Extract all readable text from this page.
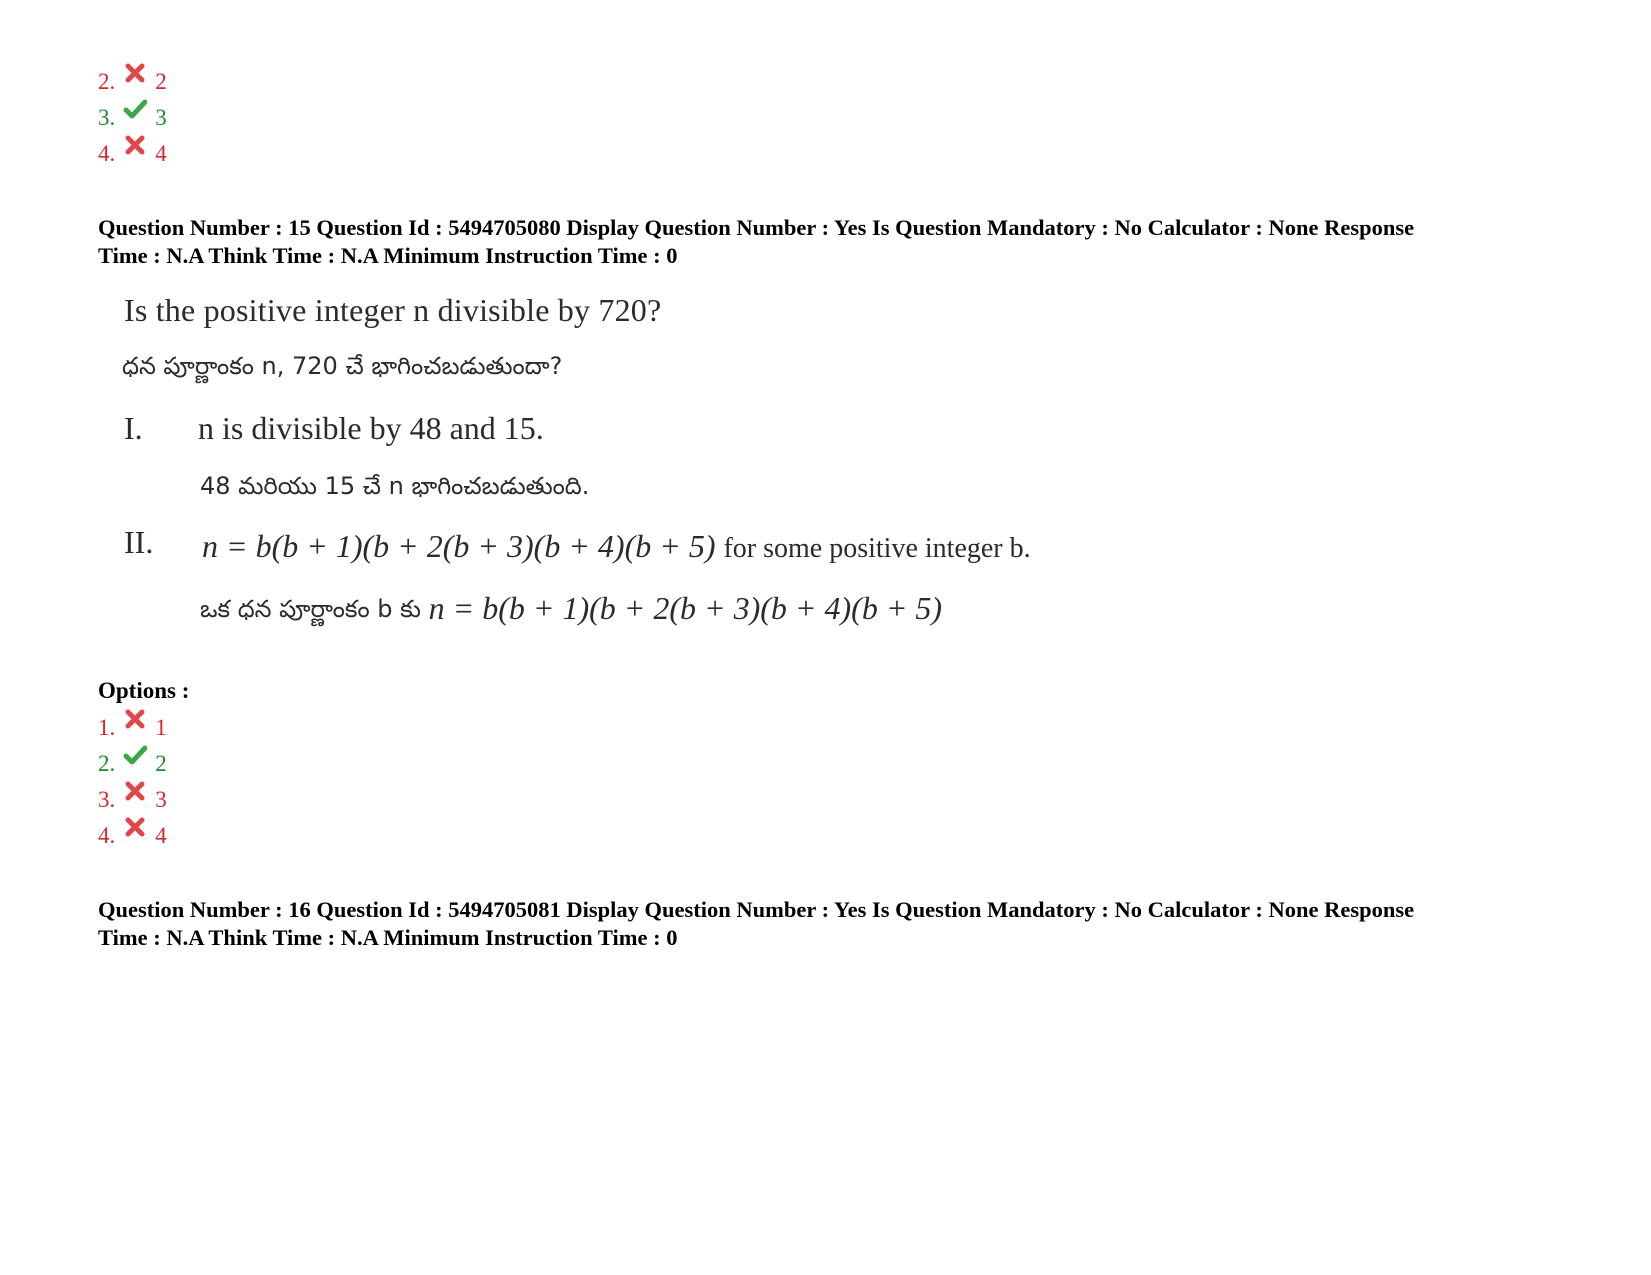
2. 2
3. 3
4. 4
Question Number : 15 Question Id : 5494705080 Display Question Number : Yes Is Question Mandatory : No Calculator : None Response
Time : N.A Think Time : N.A Minimum Instruction Time : 0
Is the positive integer n divisible by 720?
ధన పూర్ణాంకం n, 720 చే భాగించబడుతుందా?
I. n is divisible by 48 and 15.
48 మరియు 15 చే n భాగించబడుతుంది.
II. n = b(b + 1)(b + 2(b + 3)(b + 4)(b + 5) for some positive integer b.
ఒక ధన పూర్ణాంకం b కు n = b(b + 1)(b + 2(b + 3)(b + 4)(b + 5)
Options :
1. 1
2. 2
3. 3
4. 4
Question Number : 16 Question Id : 5494705081 Display Question Number : Yes Is Question Mandatory : No Calculator : None Response
Time : N.A Think Time : N.A Minimum Instruction Time : 0
